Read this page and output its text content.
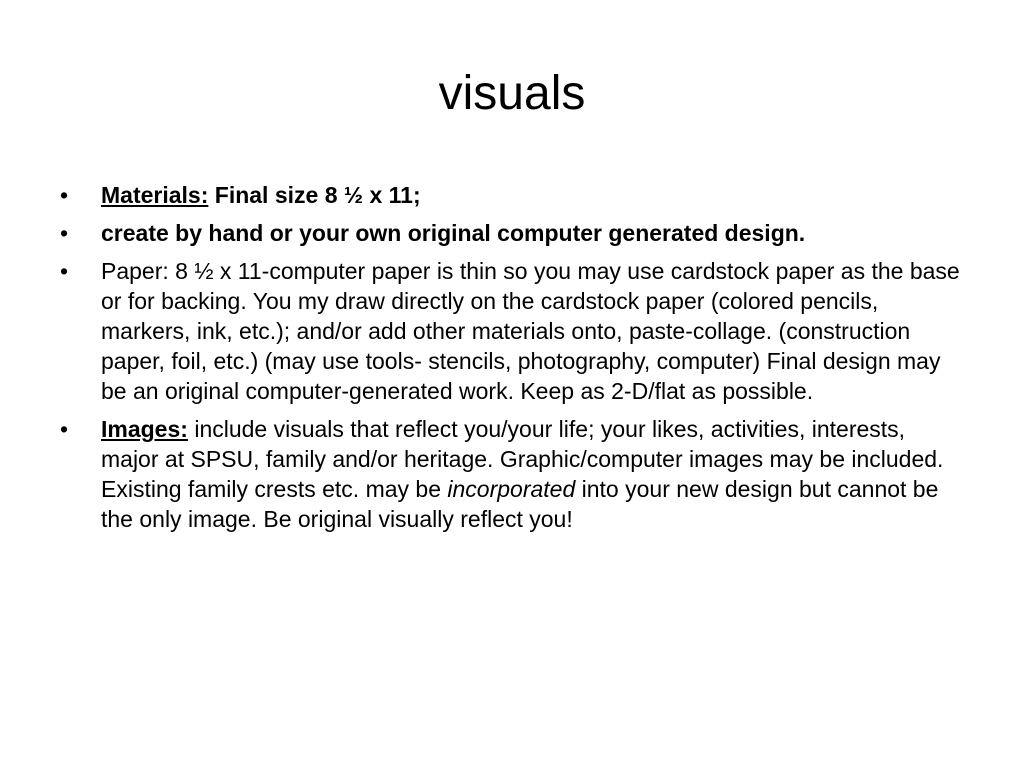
visuals
•	Materials: Final size 8 ½ x 11;
•	create by hand or your own original computer generated design.
•	Paper: 8 ½ x 11-computer paper is thin so you may use cardstock paper as the base or for backing. You my draw directly on the cardstock paper (colored pencils, markers, ink, etc.); and/or add other materials onto, paste-collage. (construction paper, foil, etc.) (may use tools- stencils, photography, computer) Final design may be an original computer-generated work. Keep as 2-D/flat as possible.
•	Images: include visuals that reflect you/your life; your likes, activities, interests, major at SPSU, family and/or heritage. Graphic/computer images may be included. Existing family crests etc. may be incorporated into your new design but cannot be the only image. Be original visually reflect you!
